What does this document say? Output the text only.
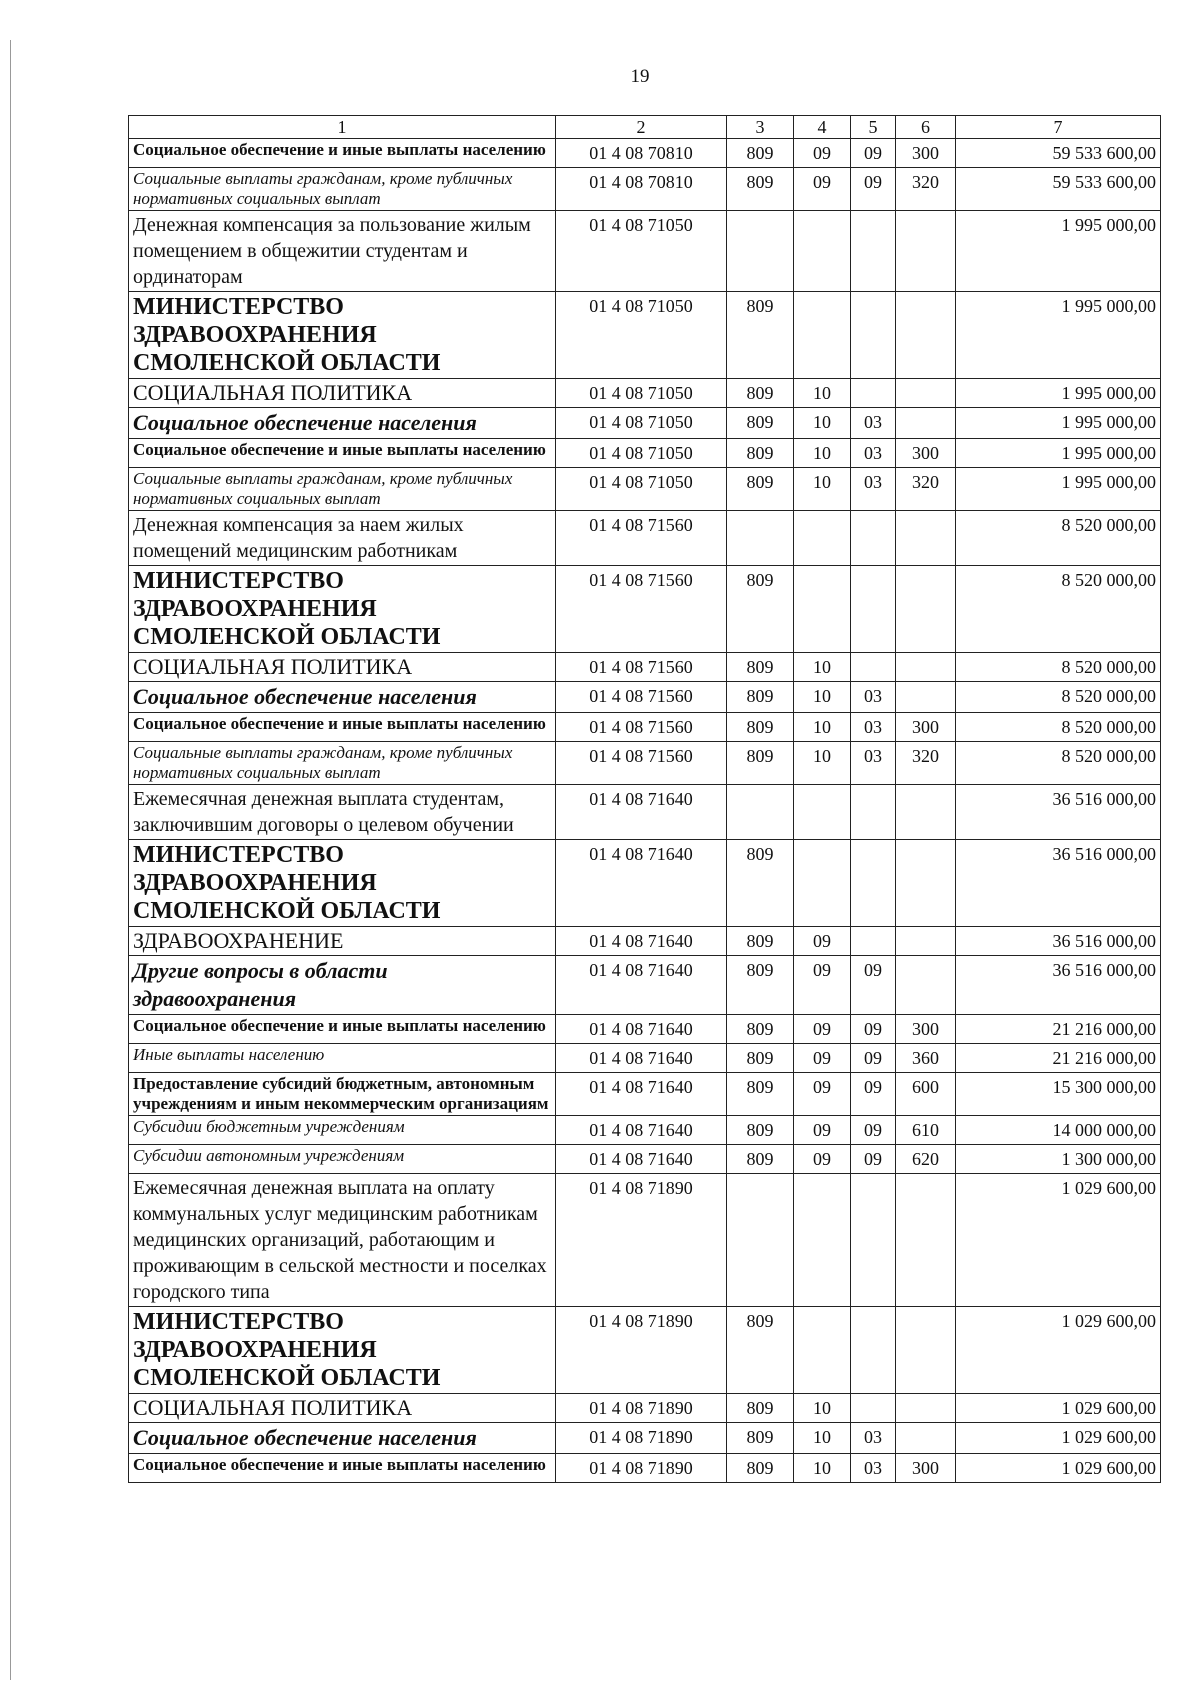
19
1	2	3	4	5	6	7
Социальное обеспечение и иные выплаты населению	01 4 08 70810	809	09	09	300	59 533 600,00
Социальные выплаты гражданам, кроме публичных нормативных социальных выплат	01 4 08 70810	809	09	09	320	59 533 600,00
Денежная компенсация за пользование жилым помещением в общежитии студентам и ординаторам	01 4 08 71050					1 995 000,00
МИНИСТЕРСТВО ЗДРАВООХРАНЕНИЯ СМОЛЕНСКОЙ ОБЛАСТИ	01 4 08 71050	809				1 995 000,00
СОЦИАЛЬНАЯ ПОЛИТИКА	01 4 08 71050	809	10			1 995 000,00
Социальное обеспечение населения	01 4 08 71050	809	10	03		1 995 000,00
Социальное обеспечение и иные выплаты населению	01 4 08 71050	809	10	03	300	1 995 000,00
Социальные выплаты гражданам, кроме публичных нормативных социальных выплат	01 4 08 71050	809	10	03	320	1 995 000,00
Денежная компенсация за наем жилых помещений медицинским работникам	01 4 08 71560					8 520 000,00
МИНИСТЕРСТВО ЗДРАВООХРАНЕНИЯ СМОЛЕНСКОЙ ОБЛАСТИ	01 4 08 71560	809				8 520 000,00
СОЦИАЛЬНАЯ ПОЛИТИКА	01 4 08 71560	809	10			8 520 000,00
Социальное обеспечение населения	01 4 08 71560	809	10	03		8 520 000,00
Социальное обеспечение и иные выплаты населению	01 4 08 71560	809	10	03	300	8 520 000,00
Социальные выплаты гражданам, кроме публичных нормативных социальных выплат	01 4 08 71560	809	10	03	320	8 520 000,00
Ежемесячная денежная выплата студентам, заключившим договоры о целевом обучении	01 4 08 71640					36 516 000,00
МИНИСТЕРСТВО ЗДРАВООХРАНЕНИЯ СМОЛЕНСКОЙ ОБЛАСТИ	01 4 08 71640	809				36 516 000,00
ЗДРАВООХРАНЕНИЕ	01 4 08 71640	809	09			36 516 000,00
Другие вопросы в области здравоохранения	01 4 08 71640	809	09	09		36 516 000,00
Социальное обеспечение и иные выплаты населению	01 4 08 71640	809	09	09	300	21 216 000,00
Иные выплаты населению	01 4 08 71640	809	09	09	360	21 216 000,00
Предоставление субсидий бюджетным, автономным учреждениям и иным некоммерческим организациям	01 4 08 71640	809	09	09	600	15 300 000,00
Субсидии бюджетным учреждениям	01 4 08 71640	809	09	09	610	14 000 000,00
Субсидии автономным учреждениям	01 4 08 71640	809	09	09	620	1 300 000,00
Ежемесячная денежная выплата на оплату коммунальных услуг медицинским работникам медицинских организаций, работающим и проживающим в сельской местности и поселках городского типа	01 4 08 71890					1 029 600,00
МИНИСТЕРСТВО ЗДРАВООХРАНЕНИЯ СМОЛЕНСКОЙ ОБЛАСТИ	01 4 08 71890	809				1 029 600,00
СОЦИАЛЬНАЯ ПОЛИТИКА	01 4 08 71890	809	10			1 029 600,00
Социальное обеспечение населения	01 4 08 71890	809	10	03		1 029 600,00
Социальное обеспечение и иные выплаты населению	01 4 08 71890	809	10	03	300	1 029 600,00
